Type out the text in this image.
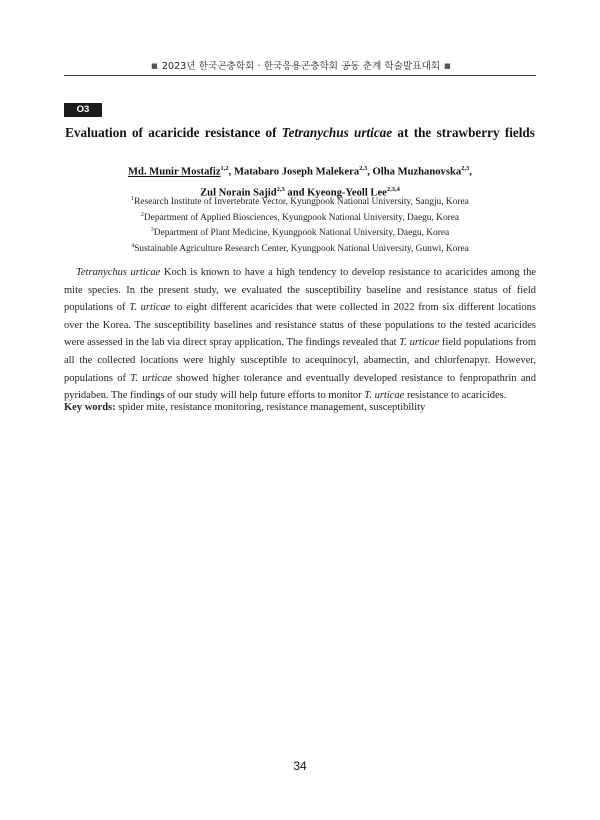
■ 2023년 한국곤충학회 · 한국응용곤충학회 공동 춘계 학술발표대회 ■
O3
Evaluation of acaricide resistance of Tetranychus urticae at the strawberry fields
Md. Munir Mostafiz$^{1,2}$, Matabaro Joseph Malekera$^{2,3}$, Olha Muzhanovska$^{2,3}$,
Zul Norain Sajid$^{2,3}$ and Kyeong-Yeoll Lee$^{2,3,4}$
$^1$Research Institute of Invertebrate Vector, Kyungpook National University, Sangju, Korea
$^2$Department of Applied Biosciences, Kyungpook National University, Daegu, Korea
$^3$Department of Plant Medicine, Kyungpook National University, Daegu, Korea
$^4$Sustainable Agriculture Research Center, Kyungpook National University, Gunwi, Korea

Tetranychus urticae Koch is known to have a high tendency to develop resistance to acaricides among the mite species. In the present study, we evaluated the susceptibility baseline and resistance status of field populations of T. urticae to eight different acaricides that were collected in 2022 from six different locations over the Korea. The susceptibility baselines and resistance status of these populations to the tested acaricides were assessed in the lab via direct spray application. The findings revealed that T. urticae field populations from all the collected locations were highly susceptible to acequinocyl, abamectin, and chlorfenapyr. However, populations of T. urticae showed higher tolerance and eventually developed resistance to fenpropathrin and pyridaben. The findings of our study will help future efforts to monitor T. urticae resistance to acaricides.

Key words: spider mite, resistance monitoring, resistance management, susceptibility
34
